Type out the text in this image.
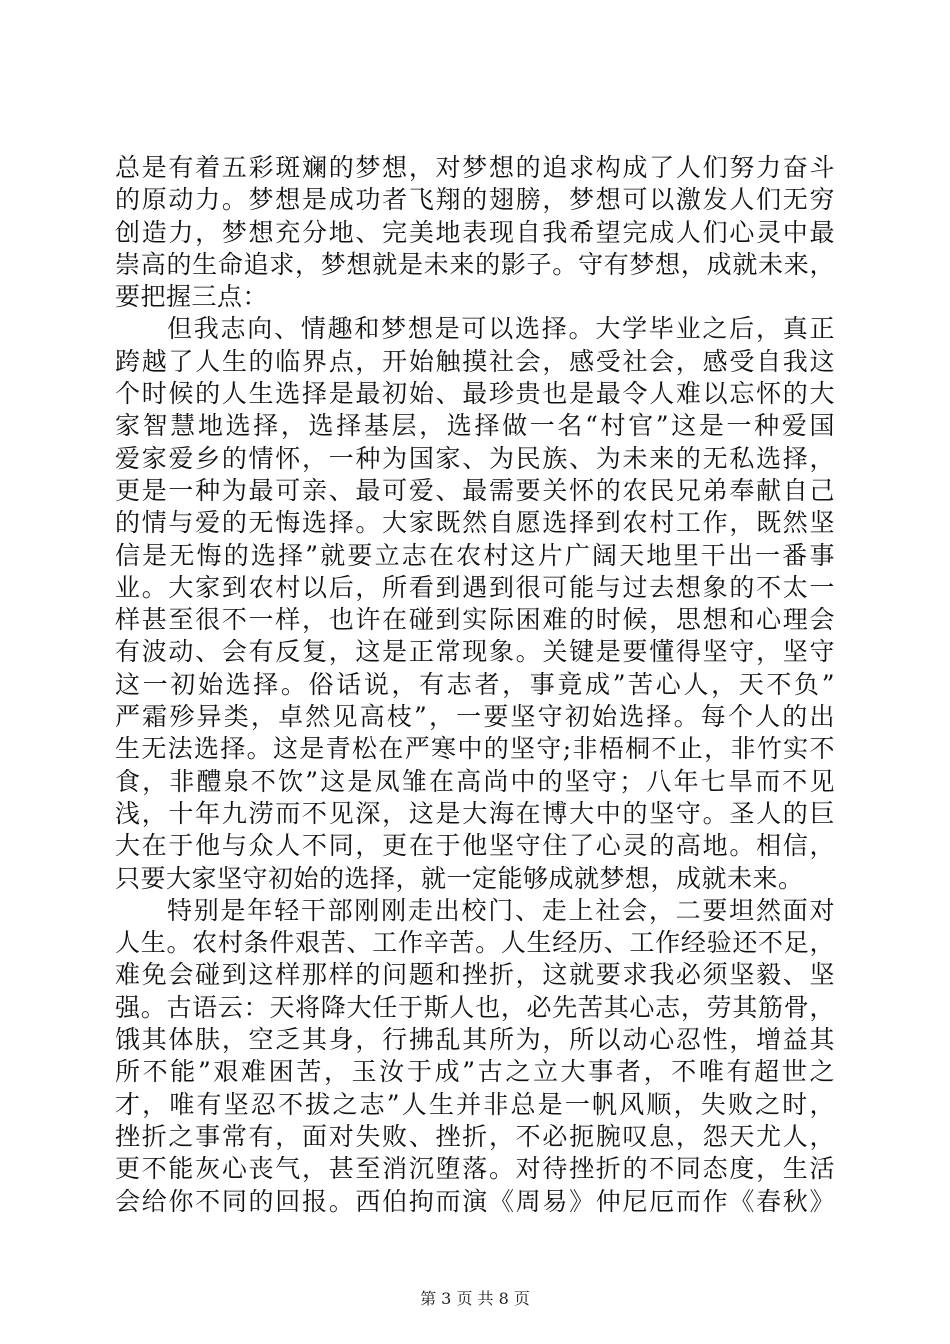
总是有着五彩斑斓的梦想，对梦想的追求构成了人们努力奋斗
的原动力。梦想是成功者飞翔的翅膀，梦想可以激发人们无穷
创造力，梦想充分地、完美地表现自我希望完成人们心灵中最
崇高的生命追求，梦想就是未来的影子。守有梦想，成就未来，
要把握三点：
但我志向、情趣和梦想是可以选择。大学毕业之后，真正
跨越了人生的临界点，开始触摸社会，感受社会，感受自我这
个时候的人生选择是最初始、最珍贵也是最令人难以忘怀的大
家智慧地选择，选择基层，选择做一名“村官”这是一种爱国
爱家爱乡的情怀，一种为国家、为民族、为未来的无私选择，
更是一种为最可亲、最可爱、最需要关怀的农民兄弟奉献自己
的情与爱的无悔选择。大家既然自愿选择到农村工作，既然坚
信是无悔的选择”就要立志在农村这片广阔天地里干出一番事
业。大家到农村以后，所看到遇到很可能与过去想象的不太一
样甚至很不一样，也许在碰到实际困难的时候，思想和心理会
有波动、会有反复，这是正常现象。关键是要懂得坚守，坚守
这一初始选择。俗话说，有志者，事竟成”苦心人，天不负”
严霜殄异类，卓然见高枝”，一要坚守初始选择。每个人的出
生无法选择。这是青松在严寒中的坚守;非梧桐不止，非竹实不
食，非醴泉不饮”这是凤雏在高尚中的坚守；八年七旱而不见
浅，十年九涝而不见深，这是大海在博大中的坚守。圣人的巨
大在于他与众人不同，更在于他坚守住了心灵的高地。相信，
只要大家坚守初始的选择，就一定能够成就梦想，成就未来。
特别是年轻干部刚刚走出校门、走上社会，二要坦然面对
人生。农村条件艰苦、工作辛苦。人生经历、工作经验还不足，
难免会碰到这样那样的问题和挫折，这就要求我必须坚毅、坚
强。古语云：天将降大任于斯人也，必先苦其心志，劳其筋骨，
饿其体肤，空乏其身，行拂乱其所为，所以动心忍性，增益其
所不能”艰难困苦，玉汝于成”古之立大事者，不唯有超世之
才，唯有坚忍不拔之志”人生并非总是一帆风顺，失败之时，
挫折之事常有，面对失败、挫折，不必扼腕叹息，怨天尤人，
更不能灰心丧气，甚至消沉堕落。对待挫折的不同态度，生活
会给你不同的回报。西伯拘而演《周易》仲尼厄而作《春秋》
第 3 页 共 8 页
